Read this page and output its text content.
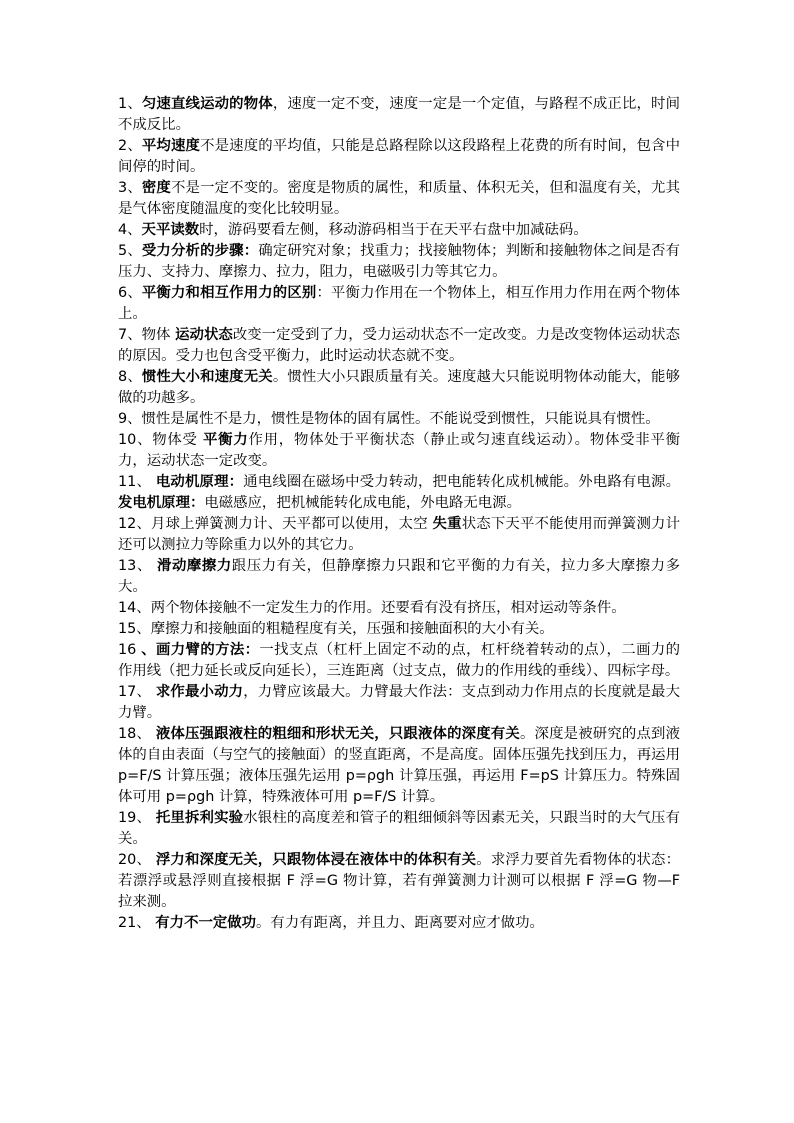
1、匀速直线运动的物体，速度一定不变，速度一定是一个定值，与路程不成正比，时间不成反比。

2、平均速度不是速度的平均值，只能是总路程除以这段路程上花费的所有时间，包含中间停的时间。

3、密度不是一定不变的。密度是物质的属性，和质量、体积无关，但和温度有关，尤其是气体密度随温度的变化比较明显。

4、天平读数时，游码要看左侧，移动游码相当于在天平右盘中加减砝码。

5、受力分析的步骤：确定研究对象；找重力；找接触物体；判断和接触物体之间是否有压力、支持力、摩擦力、拉力，阻力，电磁吸引力等其它力。

6、平衡力和相互作用力的区别：平衡力作用在一个物体上，相互作用力作用在两个物体上。

7、物体 运动状态改变一定受到了力，受力运动状态不一定改变。力是改变物体运动状态的原因。受力也包含受平衡力，此时运动状态就不变。

8、惯性大小和速度无关。惯性大小只跟质量有关。速度越大只能说明物体动能大，能够做的功越多。

9、惯性是属性不是力，惯性是物体的固有属性。不能说受到惯性，只能说具有惯性。

10、物体受 平衡力作用，物体处于平衡状态（静止或匀速直线运动）。物体受非平衡力，运动状态一定改变。

11、 电动机原理：通电线圈在磁场中受力转动，把电能转化成机械能。外电路有电源。 发电机原理：电磁感应，把机械能转化成电能，外电路无电源。

12、月球上弹簧测力计、天平都可以使用，太空 失重状态下天平不能使用而弹簧测力计还可以测拉力等除重力以外的其它力。

13、 滑动摩擦力跟压力有关，但静摩擦力只跟和它平衡的力有关，拉力多大摩擦力多大。

14、两个物体接触不一定发生力的作用。还要看有没有挤压，相对运动等条件。

15、摩擦力和接触面的粗糙程度有关，压强和接触面积的大小有关。

16 、画力臂的方法：一找支点（杠杆上固定不动的点，杠杆绕着转动的点），二画力的作用线（把力延长或反向延长），三连距离（过支点，做力的作用线的垂线）、四标字母。

17、 求作最小动力，力臂应该最大。力臂最大作法：支点到动力作用点的长度就是最大力臂。

18、 液体压强跟液柱的粗细和形状无关，只跟液体的深度有关。深度是被研究的点到液体的自由表面（与空气的接触面）的竖直距离，不是高度。固体压强先找到压力，再运用 p=F/S 计算压强；液体压强先运用 p=ρgh 计算压强，再运用 F=pS 计算压力。特殊固体可用 p=ρgh 计算，特殊液体可用 p=F/S 计算。

19、 托里拆利实验水银柱的高度差和管子的粗细倾斜等因素无关，只跟当时的大气压有关。

20、 浮力和深度无关，只跟物体浸在液体中的体积有关。求浮力要首先看物体的状态：若漂浮或悬浮则直接根据 F 浮=G 物计算，若有弹簧测力计测可以根据 F 浮=G 物—F 拉来测。

21、 有力不一定做功。有力有距离，并且力、距离要对应才做功。
